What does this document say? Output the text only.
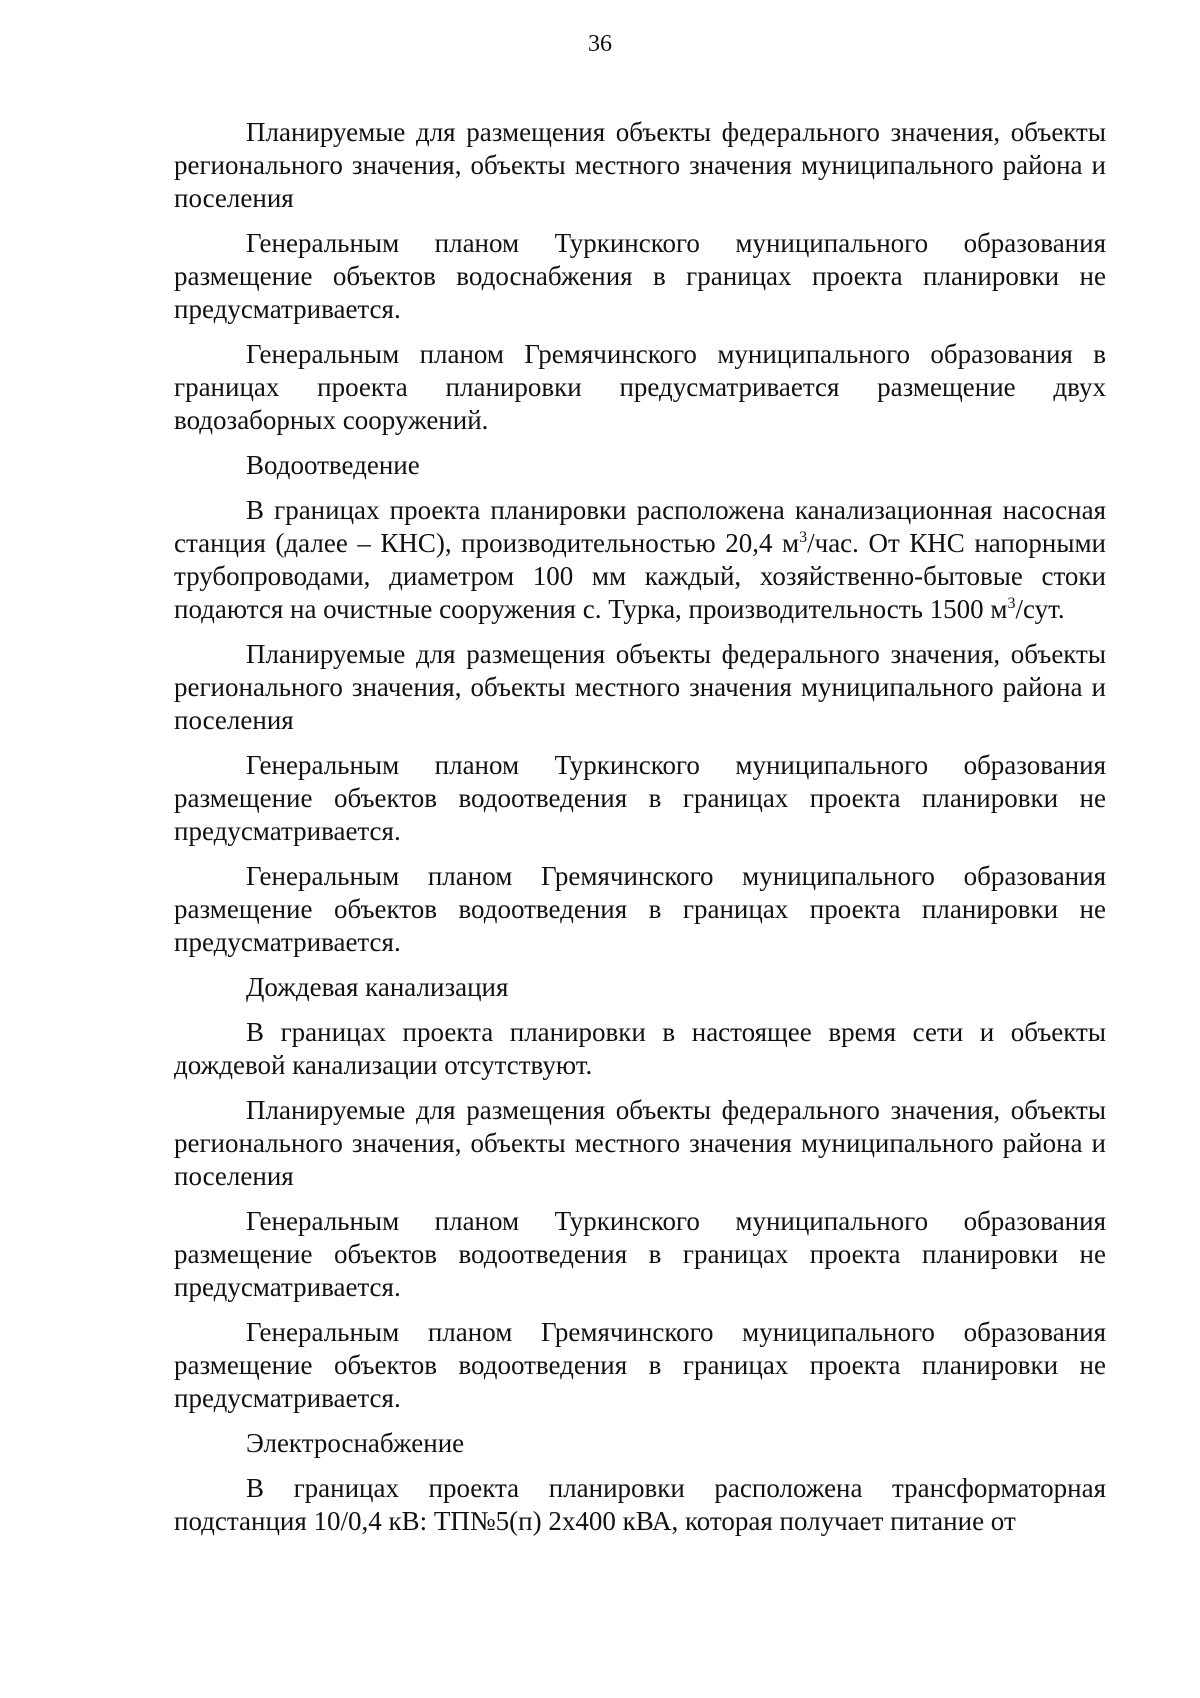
36

Планируемые для размещения объекты федерального значения, объекты регионального значения, объекты местного значения муниципального района и поселения

Генеральным планом Туркинского муниципального образования размещение объектов водоснабжения в границах проекта планировки не предусматривается.

Генеральным планом Гремячинского муниципального образования в границах проекта планировки предусматривается размещение двух водозаборных сооружений.

Водоотведение

В границах проекта планировки расположена канализационная насосная станция (далее – КНС), производительностью 20,4 $м^3$/час. От КНС напорными трубопроводами, диаметром 100 мм каждый, хозяйственно-бытовые стоки подаются на очистные сооружения с. Турка, производительность 1500 $м^3$/сут.

Планируемые для размещения объекты федерального значения, объекты регионального значения, объекты местного значения муниципального района и поселения

Генеральным планом Туркинского муниципального образования размещение объектов водоотведения в границах проекта планировки не предусматривается.

Генеральным планом Гремячинского муниципального образования размещение объектов водоотведения в границах проекта планировки не предусматривается.

Дождевая канализация

В границах проекта планировки в настоящее время сети и объекты дождевой канализации отсутствуют.

Планируемые для размещения объекты федерального значения, объекты регионального значения, объекты местного значения муниципального района и поселения

Генеральным планом Туркинского муниципального образования размещение объектов водоотведения в границах проекта планировки не предусматривается.

Генеральным планом Гремячинского муниципального образования размещение объектов водоотведения в границах проекта планировки не предусматривается.

Электроснабжение

В границах проекта планировки расположена трансформаторная подстанция 10/0,4 кВ: ТП№5(п) 2х400 кВА, которая получает питание от
